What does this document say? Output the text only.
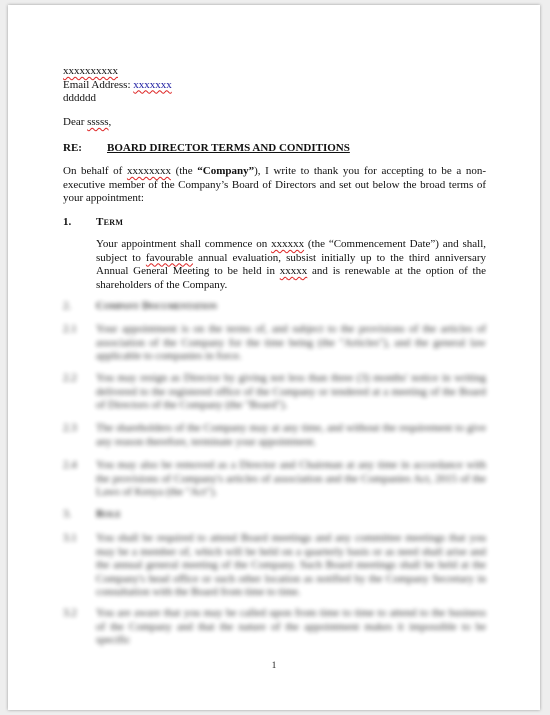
xxxxxxxxxx
Email Address: xxxxxxx
dddddd
Dear sssss,
RE: BOARD DIRECTOR TERMS AND CONDITIONS
On behalf of xxxxxxxx (the “Company”), I write to thank you for accepting to be a non-executive member of the Company’s Board of Directors and set out below the broad terms of your appointment:
1. Term
Your appointment shall commence on xxxxxx (the “Commencement Date”) and shall, subject to favourable annual evaluation, subsist initially up to the third anniversary Annual General Meeting to be held in xxxxx and is renewable at the option of the shareholders of the Company.
2. Company Documentation
2.1 Your appointment is on the terms of, and subject to the provisions of the articles of association of the Company for the time being (the "Articles"), and the general law applicable to companies in force.
2.2 You may resign as Director by giving not less than three (3) months' notice in writing delivered to the registered office of the Company or tendered at a meeting of the Board of Directors of the Company (the "Board").
2.3 The shareholders of the Company may at any time, and without the requirement to give any reason therefore, terminate your appointment.
2.4 You may also be removed as a Director and Chairman at any time in accordance with the provisions of Company's articles of association and the Companies Act, 2015 of the Laws of Kenya (the "Act").
3. Role
3.1 You shall be required to attend Board meetings and any committee meetings that you may be a member of, which will be held on a quarterly basis or as need shall arise and the annual general meeting of the Company. Such Board meetings shall be held at the Company's head office or such other location as notified by the Company Secretary in consultation with the Board from time to time.
3.2 You are aware that you may be called upon from time to time to attend to the business of the Company and that the nature of the appointment makes it impossible to be specific
1
